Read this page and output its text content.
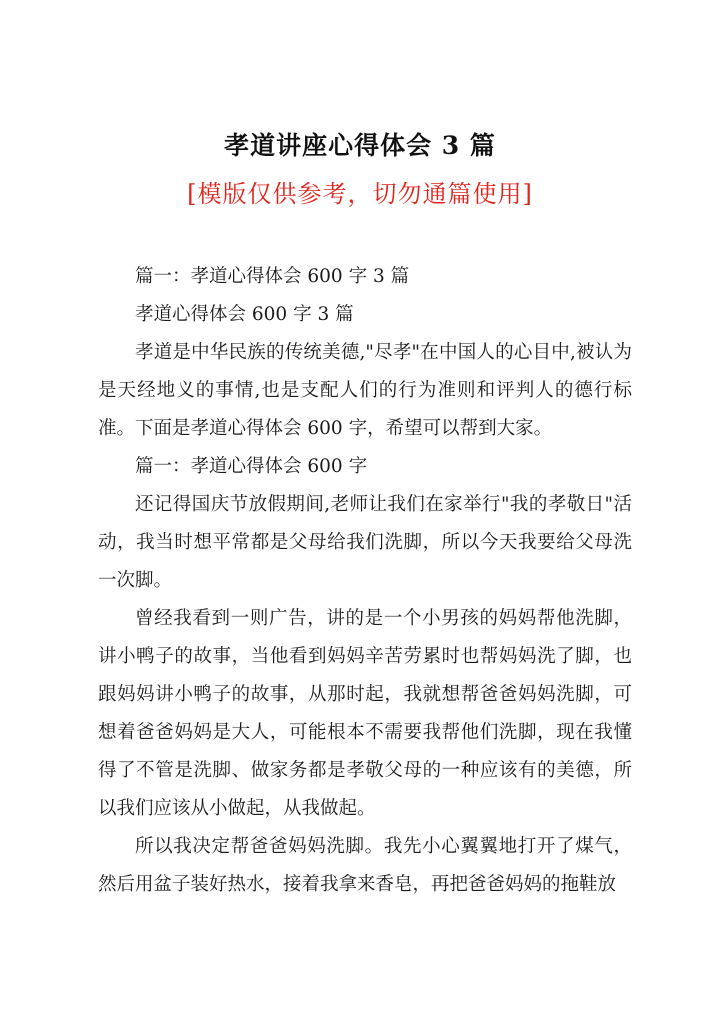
孝道讲座心得体会 3 篇
[模版仅供参考，切勿通篇使用]

篇一：孝道心得体会 600 字 3 篇

孝道心得体会 600 字 3 篇

孝道是中华民族的传统美德,"尽孝"在中国人的心目中,被认为是天经地义的事情,也是支配人们的行为准则和评判人的德行标准。下面是孝道心得体会 600 字，希望可以帮到大家。

篇一：孝道心得体会 600 字

还记得国庆节放假期间,老师让我们在家举行"我的孝敬日"活动，我当时想平常都是父母给我们洗脚，所以今天我要给父母洗一次脚。

曾经我看到一则广告，讲的是一个小男孩的妈妈帮他洗脚，讲小鸭子的故事，当他看到妈妈辛苦劳累时也帮妈妈洗了脚，也跟妈妈讲小鸭子的故事，从那时起，我就想帮爸爸妈妈洗脚，可想着爸爸妈妈是大人，可能根本不需要我帮他们洗脚，现在我懂得了不管是洗脚、做家务都是孝敬父母的一种应该有的美德，所以我们应该从小做起，从我做起。

所以我决定帮爸爸妈妈洗脚。我先小心翼翼地打开了煤气，然后用盆子装好热水，接着我拿来香皂，再把爸爸妈妈的拖鞋放
